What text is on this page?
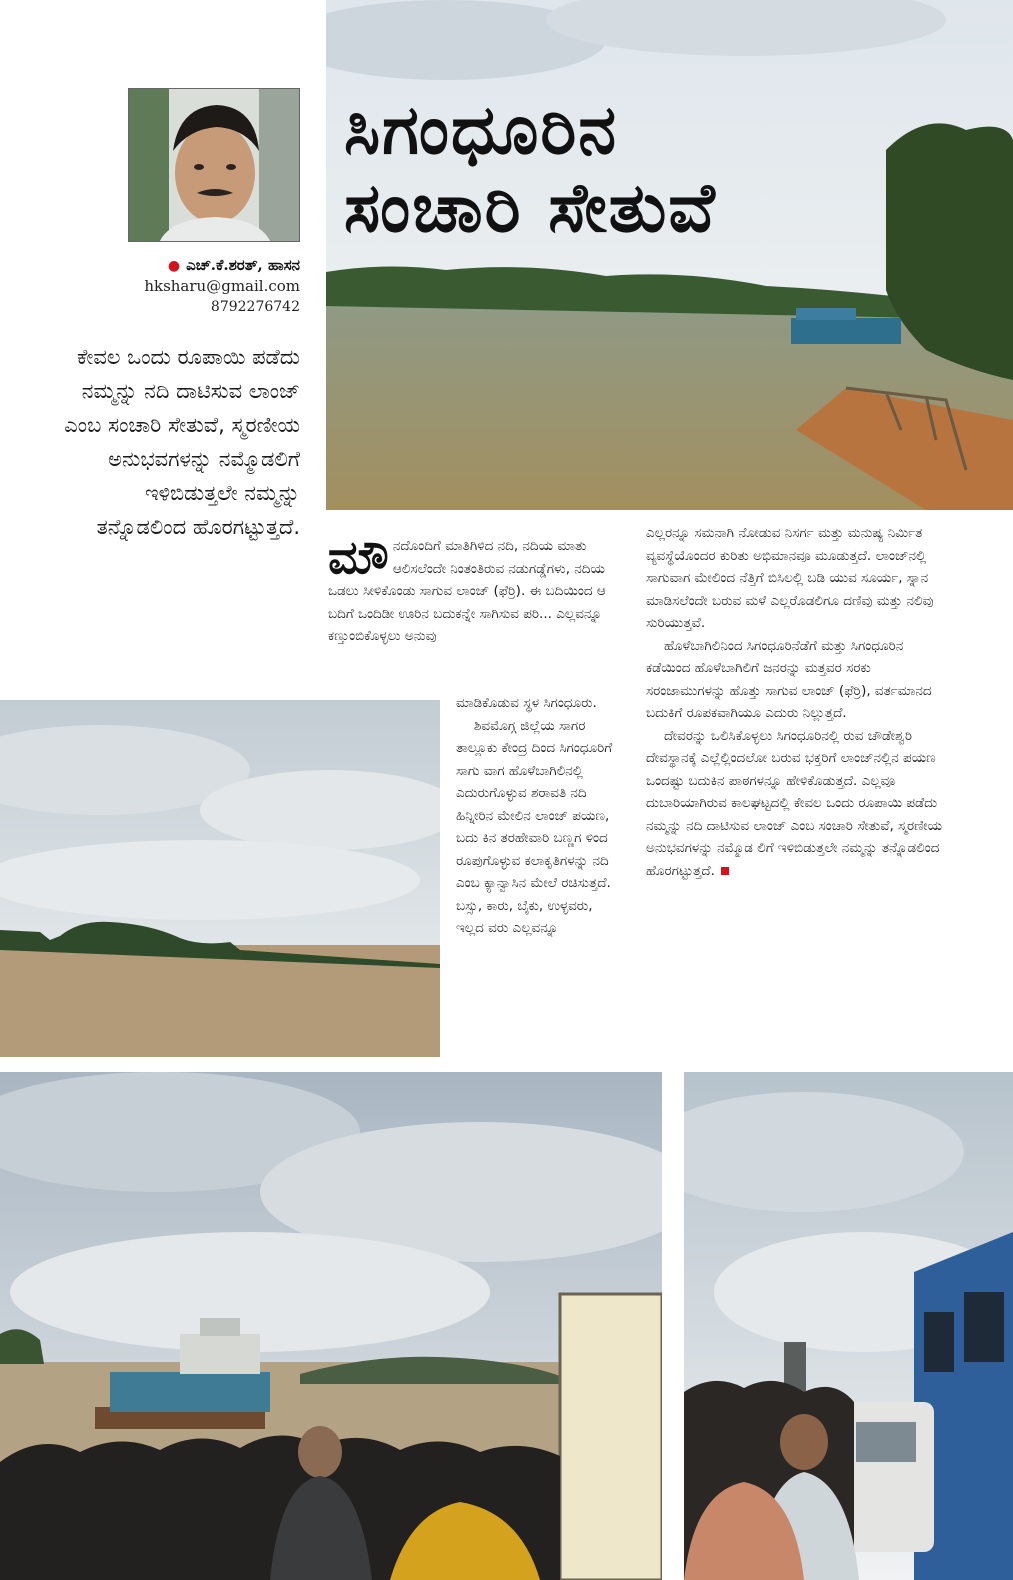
ಸಿಗಂಧೂರಿನ
ಸಂಚಾರಿ ಸೇತುವೆ
● ಎಚ್.ಕೆ.ಶರತ್, ಹಾಸನ
hksharu@gmail.com
8792276742
ಕೇವಲ ಒಂದು ರೂಪಾಯಿ ಪಡೆದು ನಮ್ಮನ್ನು ನದಿ ದಾಟಿಸುವ ಲಾಂಜ್ ಎಂಬ ಸಂಚಾರಿ ಸೇತುವೆ, ಸ್ಮರಣೀಯ ಅನುಭವಗಳನ್ನು ನಮ್ಮೊಡಲಿಗೆ ಇಳಿಬಿಡುತ್ತಲೇ ನಮ್ಮನ್ನು ತನ್ನೊಡಲಿಂದ ಹೊರಗಟ್ಟುತ್ತದೆ.

ಮೌನದೊಂದಿಗೆ ಮಾತಿಗಿಳಿದ ನದಿ, ನದಿಯ ಮಾತು ಆಲಿಸಲೆಂದೇ ನಿಂತಂತಿರುವ ನಡುಗಡ್ಡೆಗಳು, ನದಿಯ ಒಡಲು ಸೀಳಿಕೊಂಡು ಸಾಗುವ ಲಾಂಜ್ (ಫೆರ್ರಿ). ಈ ಬದಿಯಿಂದ ಆ ಬದಿಗೆ ಒಂದಿಡೀ ಊರಿನ ಬದುಕನ್ನೇ ಸಾಗಿಸುವ ಪರಿ... ಎಲ್ಲವನ್ನೂ ಕಣ್ತುಂಬಿಕೊಳ್ಳಲು ಅನುವು

ಮಾಡಿಕೊಡುವ ಸ್ಥಳ ಸಿಗಂಧೂರು.

ಶಿವಮೊಗ್ಗ ಜಿಲ್ಲೆಯ ಸಾಗರ ತಾಲ್ಲೂಕು ಕೇಂದ್ರ ದಿಂದ ಸಿಗಂಧೂರಿಗೆ ಸಾಗು ವಾಗ ಹೊಳೆಬಾಗಿಲಿನಲ್ಲಿ ಎದುರುಗೊಳ್ಳುವ ಶರಾವತಿ ನದಿ ಹಿನ್ನೀರಿನ ಮೇಲಿನ ಲಾಂಜ್ ಪಯಣ, ಬದು ಕಿನ ತರಹೇವಾರಿ ಬಣ್ಣಗ ಳಿಂದ ರೂಪುಗೊಳ್ಳುವ ಕಲಾಕೃತಿಗಳನ್ನು ನದಿ ಎಂಬ ಕ್ಯಾನ್ವಾಸಿನ ಮೇಲೆ ರಚಿಸುತ್ತದೆ. ಬಸ್ಸು, ಕಾರು, ಬೈಕು, ಉಳ್ಳವರು, ಇಲ್ಲದ ವರು ಎಲ್ಲವನ್ನೂ

ಎಲ್ಲರನ್ನೂ ಸಮನಾಗಿ ನೋಡುವ ನಿಸರ್ಗ ಮತ್ತು ಮನುಷ್ಯ ನಿರ್ಮಿತ ವ್ಯವಸ್ಥೆಯೊಂದರ ಕುರಿತು ಅಭಿಮಾನವೂ ಮೂಡುತ್ತದೆ. ಲಾಂಜ್‌ನಲ್ಲಿ ಸಾಗುವಾಗ ಮೇಲಿಂದ ನೆತ್ತಿಗೆ ಬಿಸಿಲಲ್ಲಿ ಬಡಿ ಯುವ ಸೂರ್ಯ, ಸ್ನಾನ ಮಾಡಿಸಲೆಂದೇ ಬರುವ ಮಳೆ ಎಲ್ಲರೊಡಲಿಗೂ ದಣಿವು ಮತ್ತು ನಲಿವು ಸುರಿಯುತ್ತವೆ.

ಹೊಳೆಬಾಗಿಲಿನಿಂದ ಸಿಗಂಧೂರಿನೆಡೆಗೆ ಮತ್ತು ಸಿಗಂಧೂರಿನ ಕಡೆಯಿಂದ ಹೊಳೆಬಾಗಿಲಿಗೆ ಜನರನ್ನು ಮತ್ತವರ ಸರಕು ಸರಂಜಾಮುಗಳನ್ನು ಹೊತ್ತು ಸಾಗುವ ಲಾಂಜ್ (ಫೆರ್ರಿ), ವರ್ತಮಾನದ ಬದುಕಿಗೆ ರೂಪಕವಾಗಿಯೂ ಎದುರು ನಿಲ್ಲುತ್ತದೆ.

ದೇವರನ್ನು ಒಲಿಸಿಕೊಳ್ಳಲು ಸಿಗಂಧೂರಿನಲ್ಲಿ ರುವ ಚೌಡೇಶ್ವರಿ ದೇವಸ್ಥಾನಕ್ಕೆ ಎಲ್ಲೆಲ್ಲಿಂದಲೋ ಬರುವ ಭಕ್ತರಿಗೆ ಲಾಂಜ್‌ನಲ್ಲಿನ ಪಯಣ ಒಂದಷ್ಟು ಬದುಕಿನ ಪಾಠಗಳನ್ನೂ ಹೇಳಿಕೊಡುತ್ತದೆ. ಎಲ್ಲವೂ ದುಬಾರಿಯಾಗಿರುವ ಕಾಲಘಟ್ಟದಲ್ಲಿ ಕೇವಲ ಒಂದು ರೂಪಾಯಿ ಪಡೆದು ನಮ್ಮನ್ನು ನದಿ ದಾಟಿಸುವ ಲಾಂಜ್ ಎಂಬ ಸಂಚಾರಿ ಸೇತುವೆ, ಸ್ಮರಣೀಯ ಅನುಭವಗಳನ್ನು ನಮ್ಮೊಡ ಲಿಗೆ ಇಳಿಬಿಡುತ್ತಲೇ ನಮ್ಮನ್ನು ತನ್ನೊಡಲಿಂದ ಹೊರಗಟ್ಟುತ್ತದೆ.
